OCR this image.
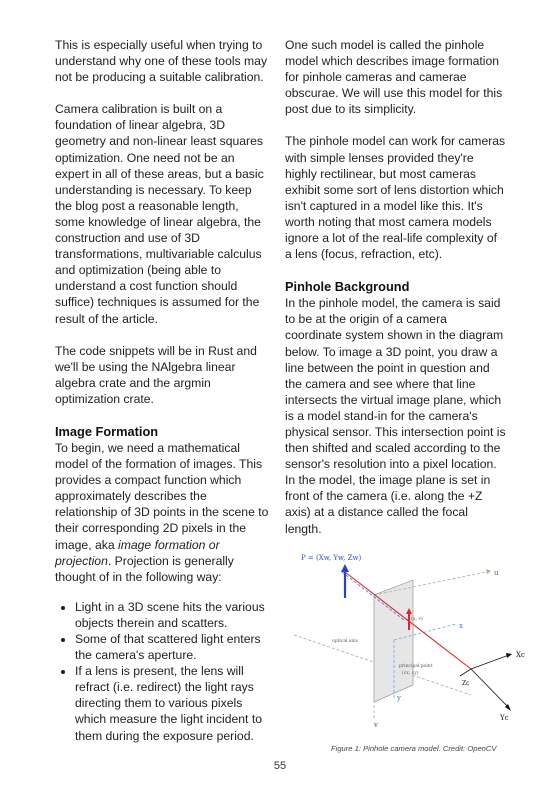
This is especially useful when trying to understand why one of these tools may not be producing a suitable calibration.

Camera calibration is built on a foundation of linear algebra, 3D geometry and non-linear least squares optimization. One need not be an expert in all of these areas, but a basic understanding is necessary. To keep the blog post a reasonable length, some knowledge of linear algebra, the construction and use of 3D transformations, multivariable calculus and optimization (being able to understand a cost function should suffice) techniques is assumed for the result of the article.

The code snippets will be in Rust and we'll be using the NAlgebra linear algebra crate and the argmin optimization crate.

Image Formation

To begin, we need a mathematical model of the formation of images. This provides a compact function which approximately describes the relationship of 3D points in the scene to their corresponding 2D pixels in the image, aka image formation or projection. Projection is generally thought of in the following way:

• Light in a 3D scene hits the various objects therein and scatters.
• Some of that scattered light enters the camera's aperture.
• If a lens is present, the lens will refract (i.e. redirect) the light rays directing them to various pixels which measure the light incident to them during the exposure period.

One such model is called the pinhole model which describes image formation for pinhole cameras and camerae obscurae. We will use this model for this post due to its simplicity.

The pinhole model can work for cameras with simple lenses provided they're highly rectilinear, but most cameras exhibit some sort of lens distortion which isn't captured in a model like this. It's worth noting that most camera models ignore a lot of the real-life complexity of a lens (focus, refraction, etc).

Pinhole Background

In the pinhole model, the camera is said to be at the origin of a camera coordinate system shown in the diagram below. To image a 3D point, you draw a line between the point in question and the camera and see where that line intersects the virtual image plane, which is a model stand-in for the camera's physical sensor. This intersection point is then shifted and scaled according to the sensor's resolution into a pixel location. In the model, the image plane is set in front of the camera (i.e. along the +Z axis) at a distance called the focal length.

P = (Xw, Yw, Zw)
u
v
x
y
(u, v)
optical axis
principal point
(cx, cy)
Xc
Yc
Zc
Figure 1: Pinhole camera model. Credit: OpenCV
55
